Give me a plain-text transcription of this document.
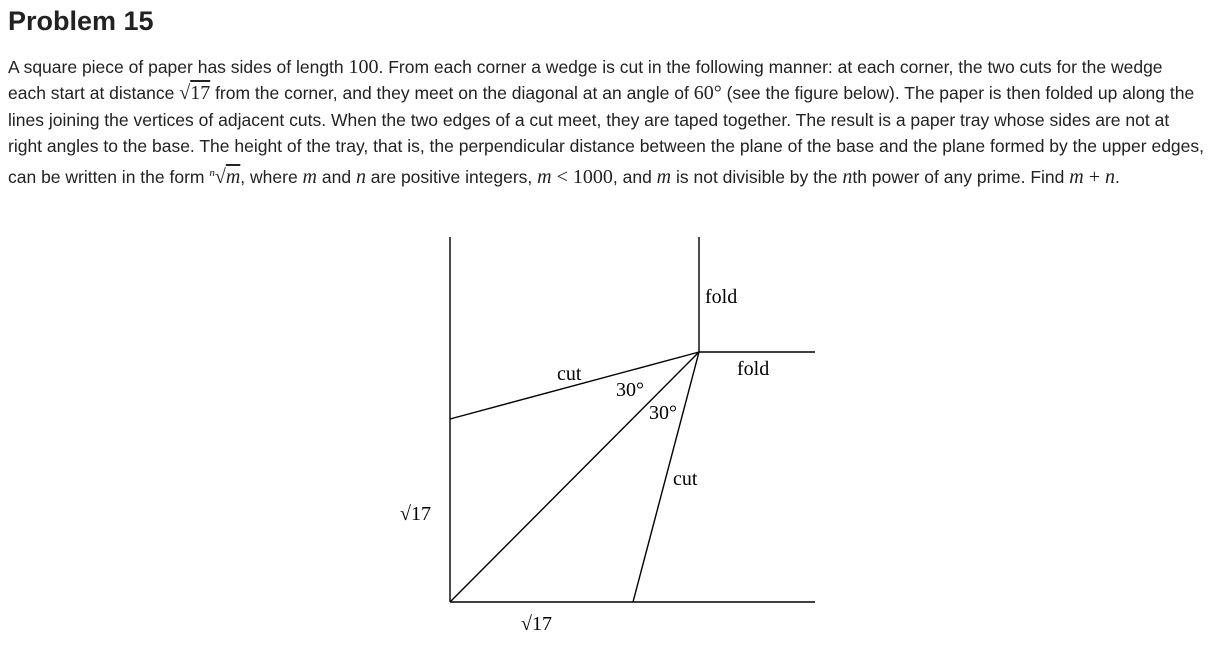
Problem 15

A square piece of paper has sides of length 100. From each corner a wedge is cut in the following manner: at each corner, the two cuts for the wedge each start at distance √17 from the corner, and they meet on the diagonal at an angle of 60° (see the figure below). The paper is then folded up along the lines joining the vertices of adjacent cuts. When the two edges of a cut meet, they are taped together. The result is a paper tray whose sides are not at right angles to the base. The height of the tray, that is, the perpendicular distance between the plane of the base and the plane formed by the upper edges, can be written in the form $^n$√m, where m and n are positive integers, m < 1000, and m is not divisible by the nth power of any prime. Find m + n.

fold
fold
cut
cut
30°
30°
√17
√17
